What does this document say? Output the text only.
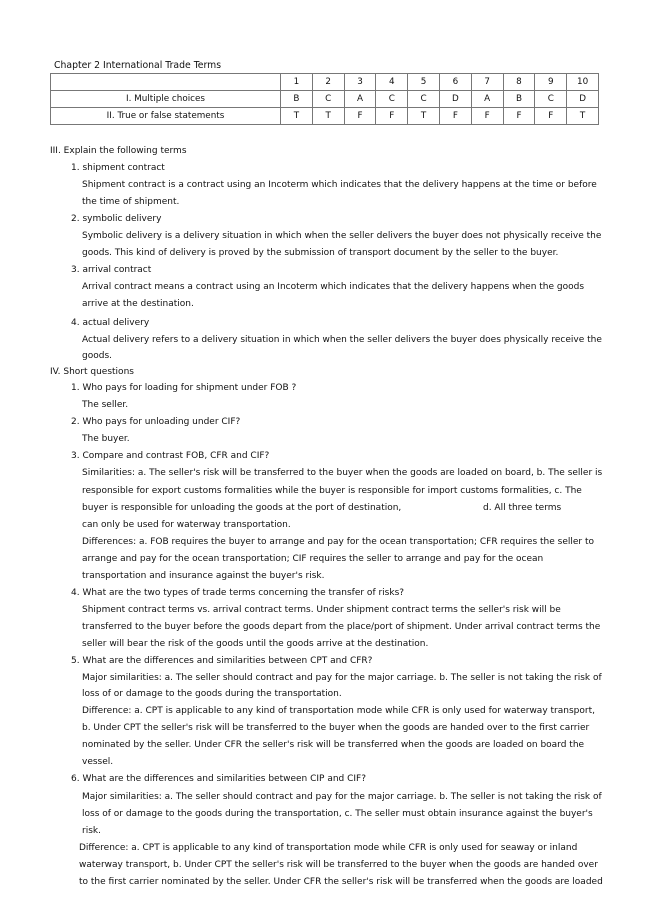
Chapter 2 International Trade Terms
	1	2	3	4	5	6	7	8	9	10
I. Multiple choices	B	C	A	C	C	D	A	B	C	D
II. True or false statements	T	T	F	F	T	F	F	F	F	T
III. Explain the following terms
1. shipment contract
Shipment contract is a contract using an Incoterm which indicates that the delivery happens at the time or before
the time of shipment.
2. symbolic delivery
Symbolic delivery is a delivery situation in which when the seller delivers the buyer does not physically receive the
goods. This kind of delivery is proved by the submission of transport document by the seller to the buyer.
3. arrival contract
Arrival contract means a contract using an Incoterm which indicates that the delivery happens when the goods
arrive at the destination.
4. actual delivery
Actual delivery refers to a delivery situation in which when the seller delivers the buyer does physically receive the
goods.
IV. Short questions
1. Who pays for loading for shipment under FOB ?
The seller.
2. Who pays for unloading under CIF?
The buyer.
3. Compare and contrast FOB, CFR and CIF?
Similarities: a. The seller's risk will be transferred to the buyer when the goods are loaded on board, b. The seller is
responsible for export customs formalities while the buyer is responsible for import customs formalities, c. The
buyer is responsible for unloading the goods at the port of destination,	d. All three terms
can only be used for waterway transportation.
Differences: a. FOB requires the buyer to arrange and pay for the ocean transportation; CFR requires the seller to
arrange and pay for the ocean transportation; CIF requires the seller to arrange and pay for the ocean
transportation and insurance against the buyer's risk.
4. What are the two types of trade terms concerning the transfer of risks?
Shipment contract terms vs. arrival contract terms. Under shipment contract terms the seller's risk will be
transferred to the buyer before the goods depart from the place/port of shipment. Under arrival contract terms the
seller will bear the risk of the goods until the goods arrive at the destination.
5. What are the differences and similarities between CPT and CFR?
Major similarities: a. The seller should contract and pay for the major carriage. b. The seller is not taking the risk of
loss of or damage to the goods during the transportation.
Difference: a. CPT is applicable to any kind of transportation mode while CFR is only used for waterway transport,
b. Under CPT the seller's risk will be transferred to the buyer when the goods are handed over to the first carrier
nominated by the seller. Under CFR the seller's risk will be transferred when the goods are loaded on board the
vessel.
6. What are the differences and similarities between CIP and CIF?
Major similarities: a. The seller should contract and pay for the major carriage. b. The seller is not taking the risk of
loss of or damage to the goods during the transportation, c. The seller must obtain insurance against the buyer's
risk.
Difference: a. CPT is applicable to any kind of transportation mode while CFR is only used for seaway or inland
waterway transport, b. Under CPT the seller's risk will be transferred to the buyer when the goods are handed over
to the first carrier nominated by the seller. Under CFR the seller's risk will be transferred when the goods are loaded
